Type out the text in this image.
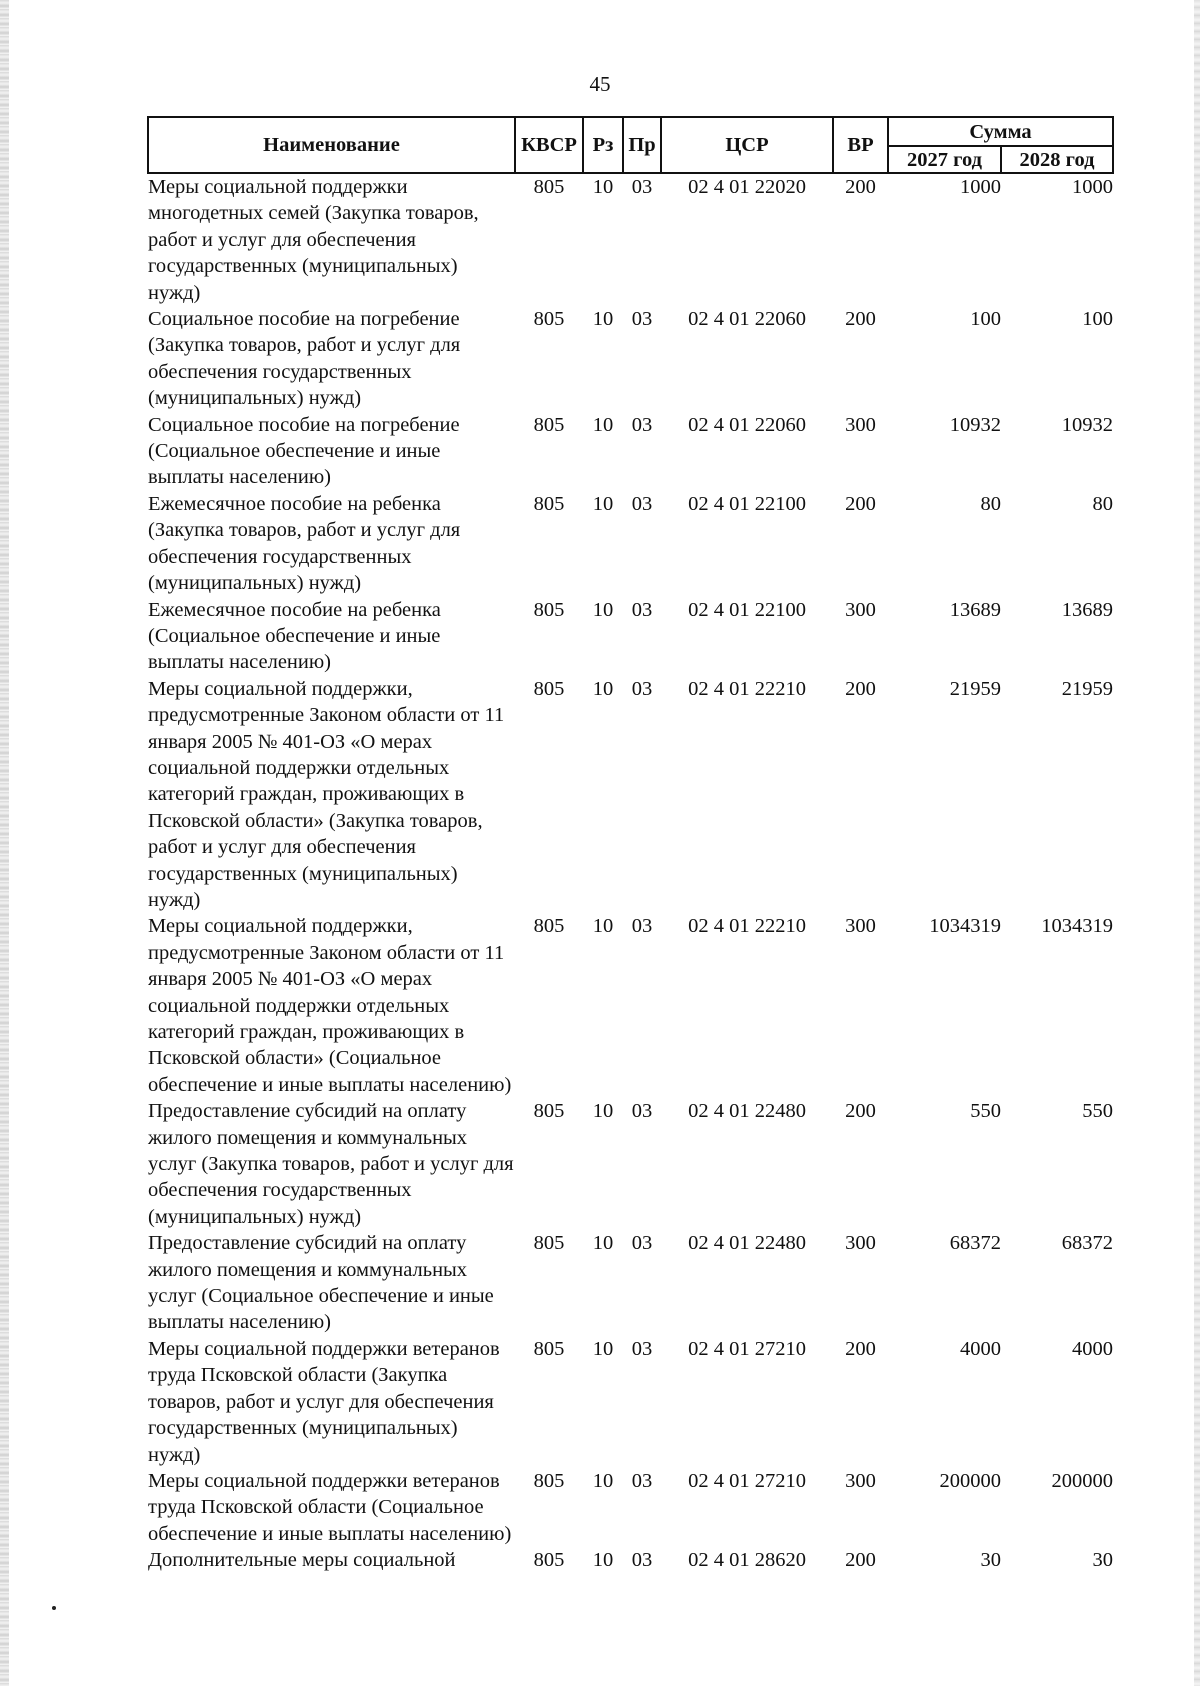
45
Наименование	КВСР	Рз	Пр	ЦСР	ВР	Сумма	
						2027 год	2028 год
Меры социальной поддержки многодетных семей (Закупка товаров, работ и услуг для обеспечения государственных (муниципальных) нужд)	805	10	03	02 4 01 22020	200	1000	1000
Социальное пособие на погребение (Закупка товаров, работ и услуг для обеспечения государственных (муниципальных) нужд)	805	10	03	02 4 01 22060	200	100	100
Социальное пособие на погребение (Социальное обеспечение и иные выплаты населению)	805	10	03	02 4 01 22060	300	10932	10932
Ежемесячное пособие на ребенка (Закупка товаров, работ и услуг для обеспечения государственных (муниципальных) нужд)	805	10	03	02 4 01 22100	200	80	80
Ежемесячное пособие на ребенка (Социальное обеспечение и иные выплаты населению)	805	10	03	02 4 01 22100	300	13689	13689
Меры социальной поддержки, предусмотренные Законом области от 11 января 2005 № 401-ОЗ «О мерах социальной поддержки отдельных категорий граждан, проживающих в Псковской области» (Закупка товаров, работ и услуг для обеспечения государственных (муниципальных) нужд)	805	10	03	02 4 01 22210	200	21959	21959
Меры социальной поддержки, предусмотренные Законом области от 11 января 2005 № 401-ОЗ «О мерах социальной поддержки отдельных категорий граждан, проживающих в Псковской области» (Социальное обеспечение и иные выплаты населению)	805	10	03	02 4 01 22210	300	1034319	1034319
Предоставление субсидий на оплату жилого помещения и коммунальных услуг (Закупка товаров, работ и услуг для обеспечения государственных (муниципальных) нужд)	805	10	03	02 4 01 22480	200	550	550
Предоставление субсидий на оплату жилого помещения и коммунальных услуг (Социальное обеспечение и иные выплаты населению)	805	10	03	02 4 01 22480	300	68372	68372
Меры социальной поддержки ветеранов труда Псковской области (Закупка товаров, работ и услуг для обеспечения государственных (муниципальных) нужд)	805	10	03	02 4 01 27210	200	4000	4000
Меры социальной поддержки ветеранов труда Псковской области (Социальное обеспечение и иные выплаты населению)	805	10	03	02 4 01 27210	300	200000	200000
Дополнительные меры социальной	805	10	03	02 4 01 28620	200	30	30
